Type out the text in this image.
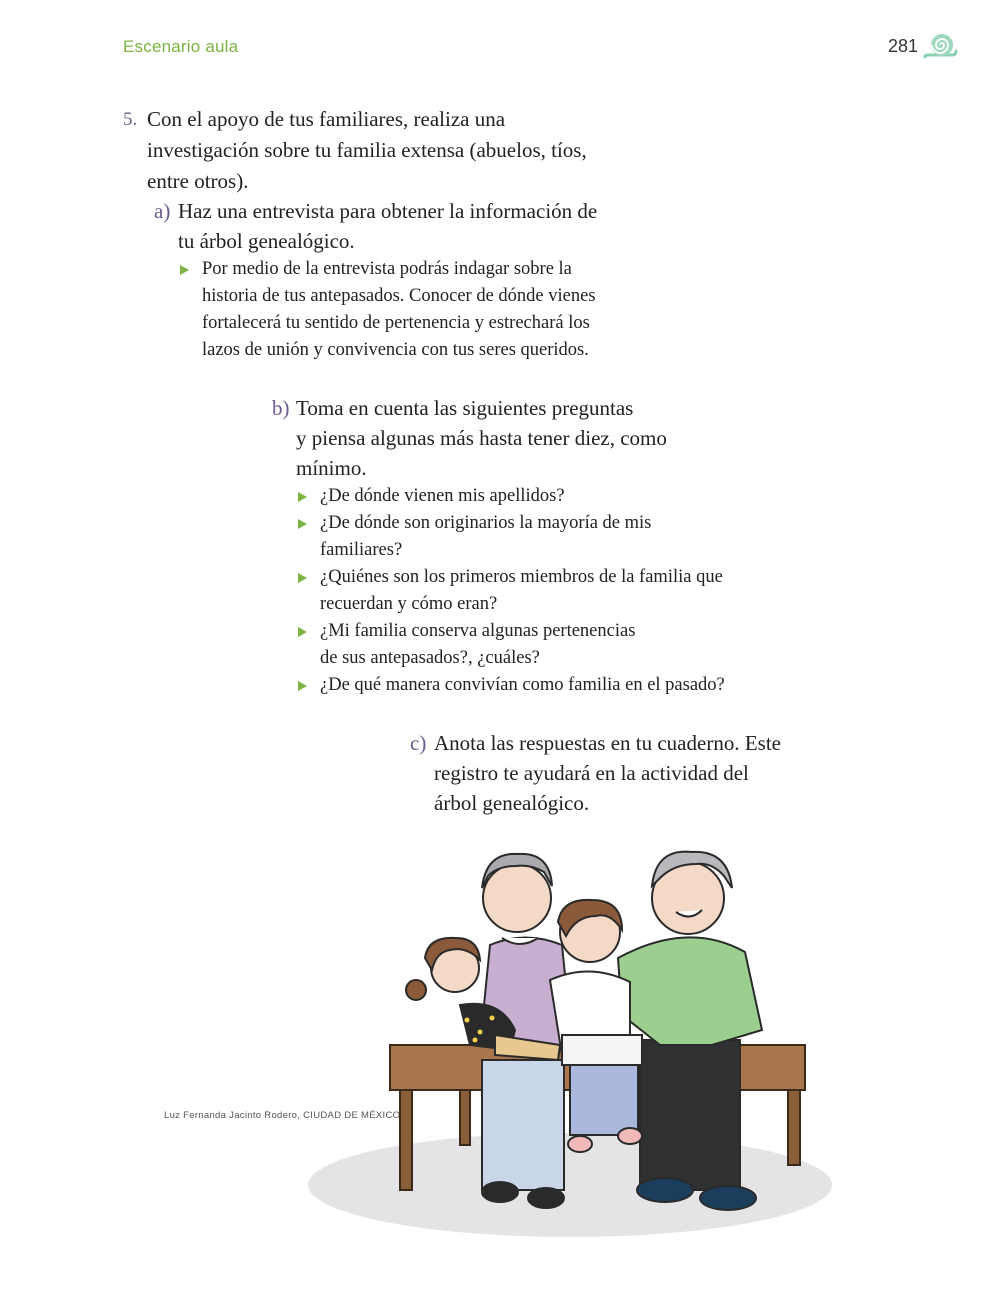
Escenario aula	281
5. Con el apoyo de tus familiares, realiza una
investigación sobre tu familia extensa (abuelos, tíos,
entre otros).
a) Haz una entrevista para obtener la información de
tu árbol genealógico.
Por medio de la entrevista podrás indagar sobre la
historia de tus antepasados. Conocer de dónde vienes
fortalecerá tu sentido de pertenencia y estrechará los
lazos de unión y convivencia con tus seres queridos.
b) Toma en cuenta las siguientes preguntas
y piensa algunas más hasta tener diez, como
mínimo.
¿De dónde vienen mis apellidos?
¿De dónde son originarios la mayoría de mis
familiares?
¿Quiénes son los primeros miembros de la familia que
recuerdan y cómo eran?
¿Mi familia conserva algunas pertenencias
de sus antepasados?, ¿cuáles?
¿De qué manera convivían como familia en el pasado?
c) Anota las respuestas en tu cuaderno. Este
registro te ayudará en la actividad del
árbol genealógico.
Luz Fernanda Jacinto Rodero, CIUDAD DE MÉXICO
